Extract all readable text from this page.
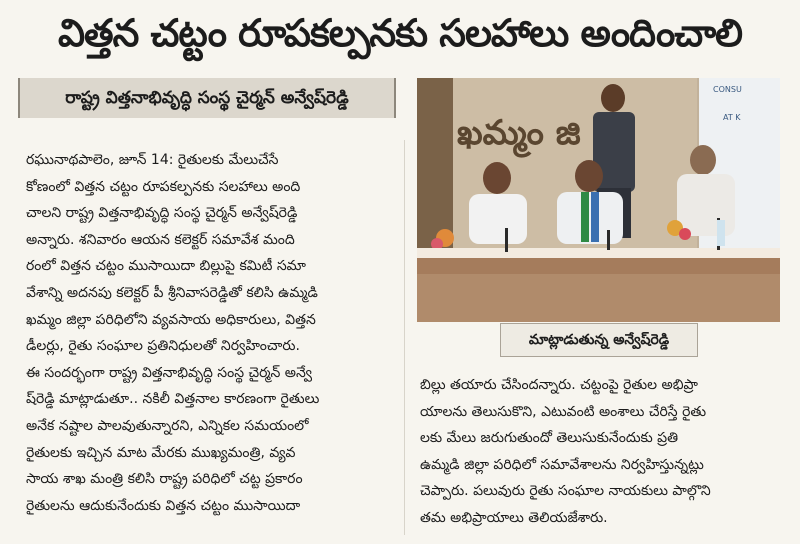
విత్తన చట్టం రూపకల్పనకు సలహాలు అందించాలి
రాష్ట్ర విత్తనాభివృద్ధి సంస్థ చైర్మన్ అన్వేష్‌రెడ్డి
రఘునాథపాలెం, జూన్ 14: రైతులకు మేలుచేసే
కోణంలో విత్తన చట్టం రూపకల్పనకు సలహాలు అంది
చాలని రాష్ట్ర విత్తనాభివృద్ధి సంస్థ చైర్మన్ అన్వేష్‌రెడ్డి
అన్నారు. శనివారం ఆయన కలెక్టర్ సమావేశ మంది
రంలో విత్తన చట్టం ముసాయిదా బిల్లుపై కమిటీ సమా
వేశాన్ని అదనపు కలెక్టర్ పీ శ్రీనివాసరెడ్డితో కలిసి ఉమ్మడి
ఖమ్మం జిల్లా పరిధిలోని వ్యవసాయ అధికారులు, విత్తన
డీలర్లు, రైతు సంఘాల ప్రతినిధులతో నిర్వహించారు.
ఈ సందర్భంగా రాష్ట్ర విత్తనాభివృద్ధి సంస్థ చైర్మన్ అన్వే
ష్‌రెడ్డి మాట్లాడుతూ.. నకిలీ విత్తనాల కారణంగా రైతులు
అనేక నష్టాల పాలవుతున్నారని, ఎన్నికల సమయంలో
రైతులకు ఇచ్చిన మాట మేరకు ముఖ్యమంత్రి, వ్యవ
సాయ శాఖ మంత్రి కలిసి రాష్ట్ర పరిధిలో చట్ట ప్రకారం
రైతులను ఆదుకునేందుకు విత్తన చట్టం ముసాయిదా
CONSU
AT K
ఖమ్మం జి
మాట్లాడుతున్న అన్వేష్‌రెడ్డి
బిల్లు తయారు చేసిందన్నారు. చట్టంపై రైతుల అభిప్రా
యాలను తెలుసుకొని, ఎటువంటి అంశాలు చేరిస్తే రైతు
లకు మేలు జరుగుతుందో తెలుసుకునేందుకు ప్రతి
ఉమ్మడి జిల్లా పరిధిలో సమావేశాలను నిర్వహిస్తున్నట్లు
చెప్పారు. పలువురు రైతు సంఘాల నాయకులు పాల్గొని
తమ అభిప్రాయాలు తెలియజేశారు.
